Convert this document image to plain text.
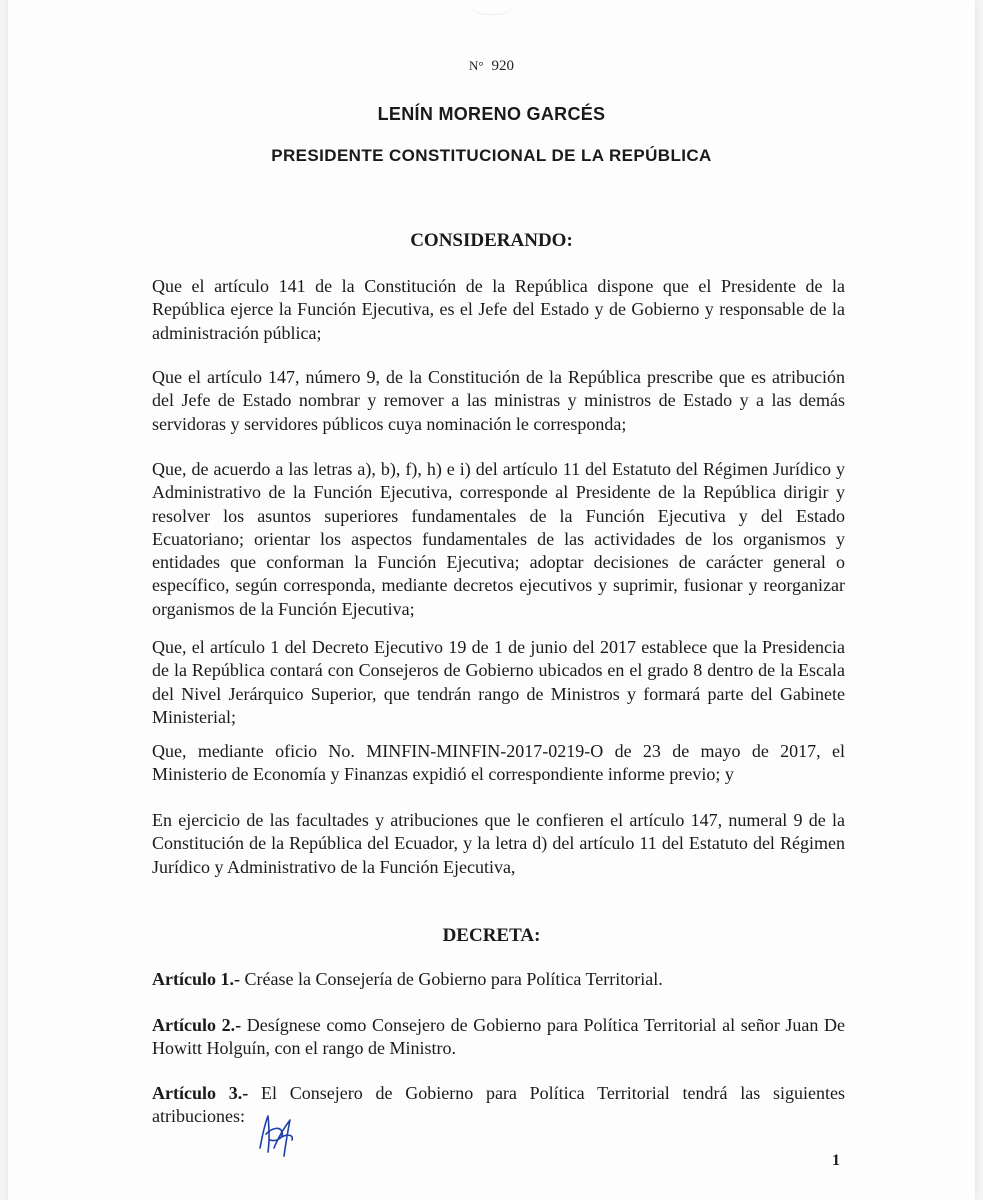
N° 920
LENÍN MORENO GARCÉS
PRESIDENTE CONSTITUCIONAL DE LA REPÚBLICA
CONSIDERANDO:

Que el artículo 141 de la Constitución de la República dispone que el Presidente de la República ejerce la Función Ejecutiva, es el Jefe del Estado y de Gobierno y responsable de la administración pública;

Que el artículo 147, número 9, de la Constitución de la República prescribe que es atribución del Jefe de Estado nombrar y remover a las ministras y ministros de Estado y a las demás servidoras y servidores públicos cuya nominación le corresponda;

Que, de acuerdo a las letras a), b), f), h) e i) del artículo 11 del Estatuto del Régimen Jurídico y Administrativo de la Función Ejecutiva, corresponde al Presidente de la República dirigir y resolver los asuntos superiores fundamentales de la Función Ejecutiva y del Estado Ecuatoriano; orientar los aspectos fundamentales de las actividades de los organismos y entidades que conforman la Función Ejecutiva; adoptar decisiones de carácter general o específico, según corresponda, mediante decretos ejecutivos y suprimir, fusionar y reorganizar organismos de la Función Ejecutiva;

Que, el artículo 1 del Decreto Ejecutivo 19 de 1 de junio del 2017 establece que la Presidencia de la República contará con Consejeros de Gobierno ubicados en el grado 8 dentro de la Escala del Nivel Jerárquico Superior, que tendrán rango de Ministros y formará parte del Gabinete Ministerial;

Que, mediante oficio No. MINFIN-MINFIN-2017-0219-O de 23 de mayo de 2017, el Ministerio de Economía y Finanzas expidió el correspondiente informe previo; y

En ejercicio de las facultades y atribuciones que le confieren el artículo 147, numeral 9 de la Constitución de la República del Ecuador, y la letra d) del artículo 11 del Estatuto del Régimen Jurídico y Administrativo de la Función Ejecutiva,

DECRETA:

Artículo 1.- Créase la Consejería de Gobierno para Política Territorial.

Artículo 2.- Desígnese como Consejero de Gobierno para Política Territorial al señor Juan De Howitt Holguín, con el rango de Ministro.

Artículo 3.- El Consejero de Gobierno para Política Territorial tendrá las siguientes atribuciones:

1
